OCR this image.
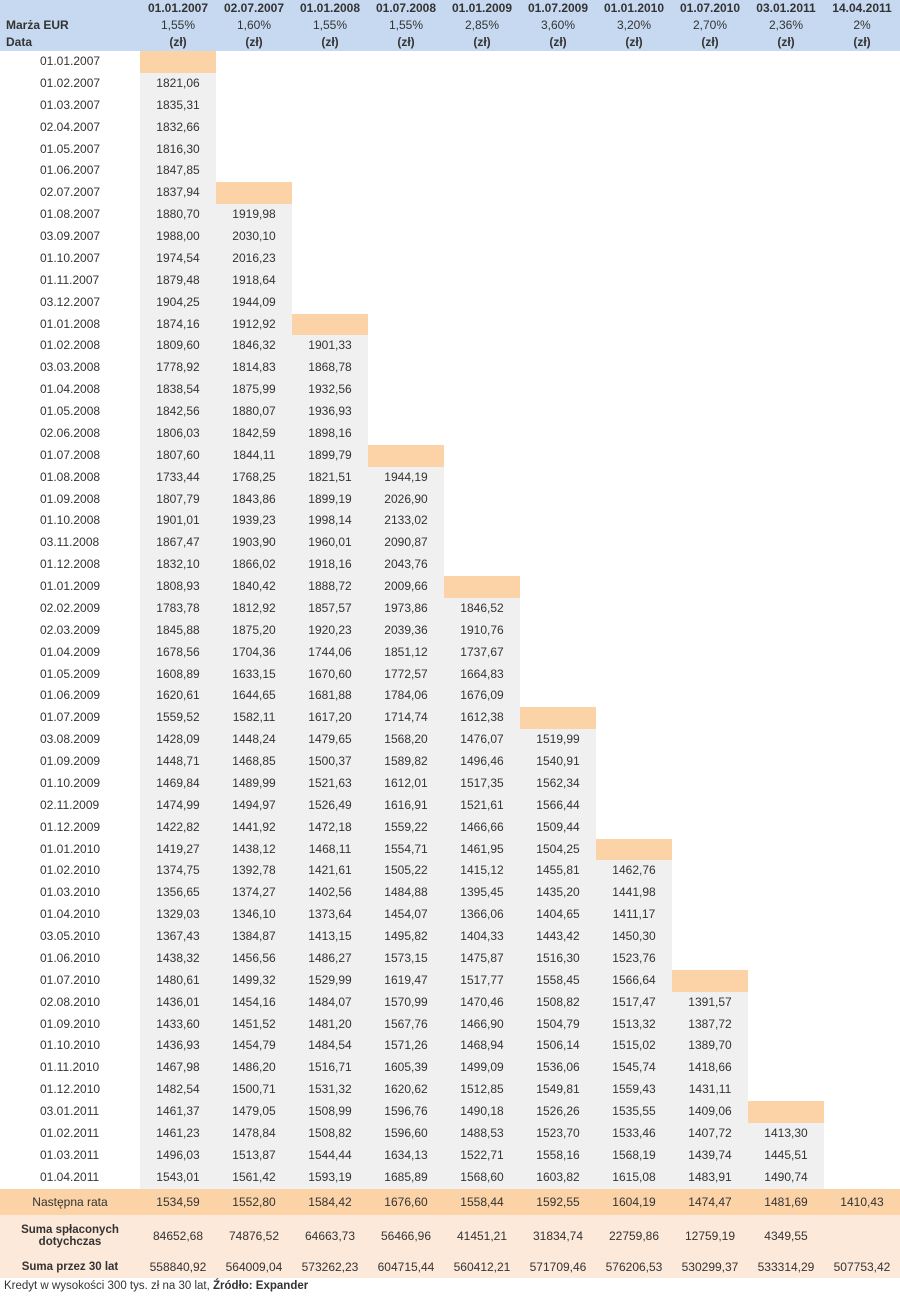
	01.01.2007	02.07.2007	01.01.2008	01.07.2008	01.01.2009	01.07.2009	01.01.2010	01.07.2010	03.01.2011	14.04.2011
Marża EUR	1,55%	1,60%	1,55%	1,55%	2,85%	3,60%	3,20%	2,70%	2,36%	2%
Data	(zł)	(zł)	(zł)	(zł)	(zł)	(zł)	(zł)	(zł)	(zł)	(zł)
01.01.2007										
01.02.2007	1821,06									
01.03.2007	1835,31									
02.04.2007	1832,66									
01.05.2007	1816,30									
01.06.2007	1847,85									
02.07.2007	1837,94									
01.08.2007	1880,70	1919,98								
03.09.2007	1988,00	2030,10								
01.10.2007	1974,54	2016,23								
01.11.2007	1879,48	1918,64								
03.12.2007	1904,25	1944,09								
01.01.2008	1874,16	1912,92								
01.02.2008	1809,60	1846,32	1901,33							
03.03.2008	1778,92	1814,83	1868,78							
01.04.2008	1838,54	1875,99	1932,56							
01.05.2008	1842,56	1880,07	1936,93							
02.06.2008	1806,03	1842,59	1898,16							
01.07.2008	1807,60	1844,11	1899,79							
01.08.2008	1733,44	1768,25	1821,51	1944,19						
01.09.2008	1807,79	1843,86	1899,19	2026,90						
01.10.2008	1901,01	1939,23	1998,14	2133,02						
03.11.2008	1867,47	1903,90	1960,01	2090,87						
01.12.2008	1832,10	1866,02	1918,16	2043,76						
01.01.2009	1808,93	1840,42	1888,72	2009,66						
02.02.2009	1783,78	1812,92	1857,57	1973,86	1846,52					
02.03.2009	1845,88	1875,20	1920,23	2039,36	1910,76					
01.04.2009	1678,56	1704,36	1744,06	1851,12	1737,67					
01.05.2009	1608,89	1633,15	1670,60	1772,57	1664,83					
01.06.2009	1620,61	1644,65	1681,88	1784,06	1676,09					
01.07.2009	1559,52	1582,11	1617,20	1714,74	1612,38					
03.08.2009	1428,09	1448,24	1479,65	1568,20	1476,07	1519,99				
01.09.2009	1448,71	1468,85	1500,37	1589,82	1496,46	1540,91				
01.10.2009	1469,84	1489,99	1521,63	1612,01	1517,35	1562,34				
02.11.2009	1474,99	1494,97	1526,49	1616,91	1521,61	1566,44				
01.12.2009	1422,82	1441,92	1472,18	1559,22	1466,66	1509,44				
01.01.2010	1419,27	1438,12	1468,11	1554,71	1461,95	1504,25				
01.02.2010	1374,75	1392,78	1421,61	1505,22	1415,12	1455,81	1462,76			
01.03.2010	1356,65	1374,27	1402,56	1484,88	1395,45	1435,20	1441,98			
01.04.2010	1329,03	1346,10	1373,64	1454,07	1366,06	1404,65	1411,17			
03.05.2010	1367,43	1384,87	1413,15	1495,82	1404,33	1443,42	1450,30			
01.06.2010	1438,32	1456,56	1486,27	1573,15	1475,87	1516,30	1523,76			
01.07.2010	1480,61	1499,32	1529,99	1619,47	1517,77	1558,45	1566,64			
02.08.2010	1436,01	1454,16	1484,07	1570,99	1470,46	1508,82	1517,47	1391,57		
01.09.2010	1433,60	1451,52	1481,20	1567,76	1466,90	1504,79	1513,32	1387,72		
01.10.2010	1436,93	1454,79	1484,54	1571,26	1468,94	1506,14	1515,02	1389,70		
01.11.2010	1467,98	1486,20	1516,71	1605,39	1499,09	1536,06	1545,74	1418,66		
01.12.2010	1482,54	1500,71	1531,32	1620,62	1512,85	1549,81	1559,43	1431,11		
03.01.2011	1461,37	1479,05	1508,99	1596,76	1490,18	1526,26	1535,55	1409,06		
01.02.2011	1461,23	1478,84	1508,82	1596,60	1488,53	1523,70	1533,46	1407,72	1413,30	
01.03.2011	1496,03	1513,87	1544,44	1634,13	1522,71	1558,16	1568,19	1439,74	1445,51	
01.04.2011	1543,01	1561,42	1593,19	1685,89	1568,60	1603,82	1615,08	1483,91	1490,74	
Następna rata	1534,59	1552,80	1584,42	1676,60	1558,44	1592,55	1604,19	1474,47	1481,69	1410,43
Suma spłaconych
dotychczas	84652,68	74876,52	64663,73	56466,96	41451,21	31834,74	22759,86	12759,19	4349,55	

Suma przez 30 lat	558840,92	564009,04	573262,23	604715,44	560412,21	571709,46	576206,53	530299,37	533314,29	507753,42
Kredyt w wysokości 300 tys. zł na 30 lat, Źródło: Expander
